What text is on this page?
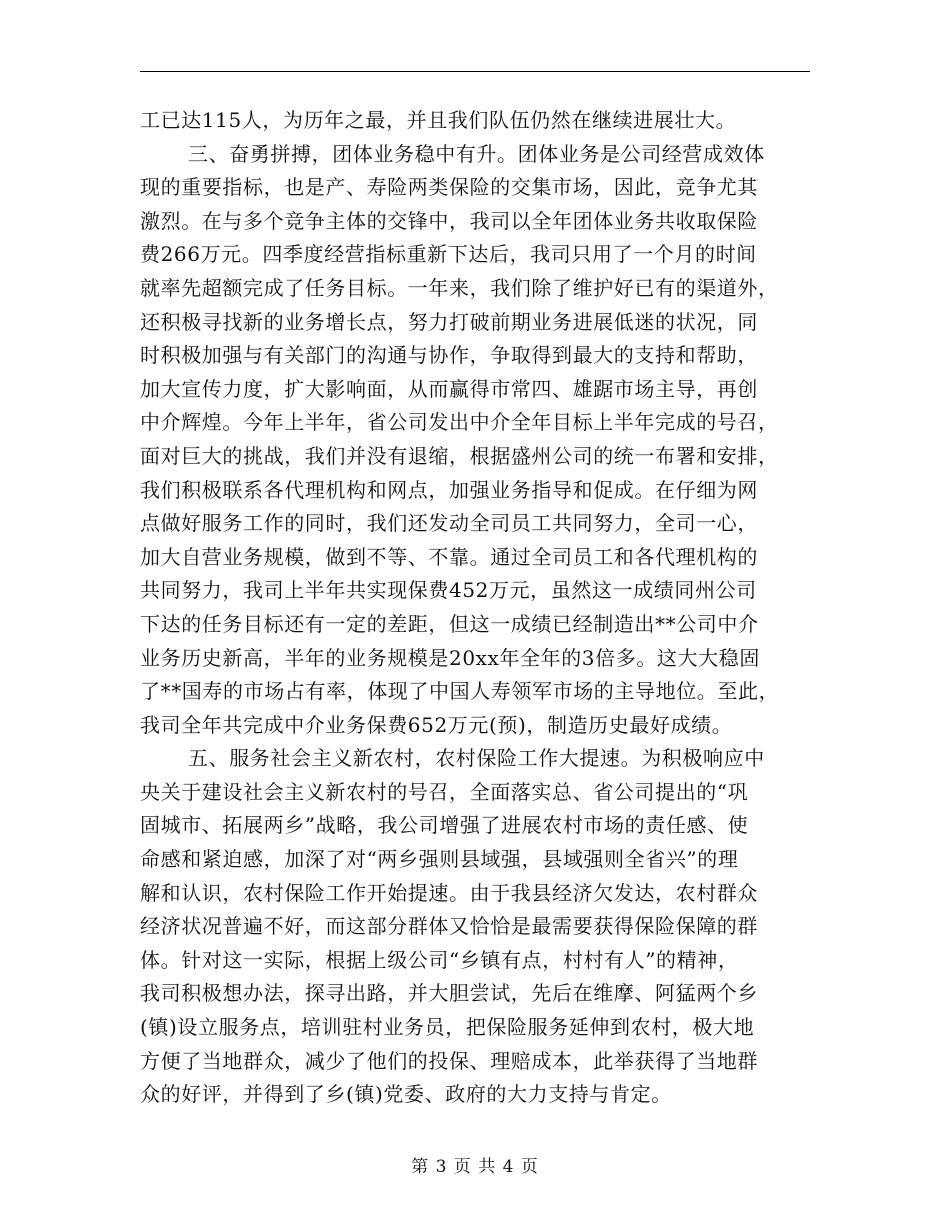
工已达115人，为历年之最，并且我们队伍仍然在继续进展壮大。
三、奋勇拼搏，团体业务稳中有升。团体业务是公司经营成效体
现的重要指标，也是产、寿险两类保险的交集市场，因此，竞争尤其
激烈。在与多个竞争主体的交锋中，我司以全年团体业务共收取保险
费266万元。四季度经营指标重新下达后，我司只用了一个月的时间
就率先超额完成了任务目标。一年来，我们除了维护好已有的渠道外，
还积极寻找新的业务增长点，努力打破前期业务进展低迷的状况，同
时积极加强与有关部门的沟通与协作，争取得到最大的支持和帮助，
加大宣传力度，扩大影响面，从而赢得市常四、雄踞市场主导，再创
中介辉煌。今年上半年，省公司发出中介全年目标上半年完成的号召，
面对巨大的挑战，我们并没有退缩，根据盛州公司的统一布署和安排，
我们积极联系各代理机构和网点，加强业务指导和促成。在仔细为网
点做好服务工作的同时，我们还发动全司员工共同努力，全司一心，
加大自营业务规模，做到不等、不靠。通过全司员工和各代理机构的
共同努力，我司上半年共实现保费452万元，虽然这一成绩同州公司
下达的任务目标还有一定的差距，但这一成绩已经制造出**公司中介
业务历史新高，半年的业务规模是20xx年全年的3倍多。这大大稳固
了**国寿的市场占有率，体现了中国人寿领军市场的主导地位。至此，
我司全年共完成中介业务保费652万元(预)，制造历史最好成绩。
五、服务社会主义新农村，农村保险工作大提速。为积极响应中
央关于建设社会主义新农村的号召，全面落实总、省公司提出的“巩
固城市、拓展两乡”战略，我公司增强了进展农村市场的责任感、使
命感和紧迫感，加深了对“两乡强则县域强，县域强则全省兴”的理
解和认识，农村保险工作开始提速。由于我县经济欠发达，农村群众
经济状况普遍不好，而这部分群体又恰恰是最需要获得保险保障的群
体。针对这一实际，根据上级公司“乡镇有点，村村有人”的精神，
我司积极想办法，探寻出路，并大胆尝试，先后在维摩、阿猛两个乡
(镇)设立服务点，培训驻村业务员，把保险服务延伸到农村，极大地
方便了当地群众，减少了他们的投保、理赔成本，此举获得了当地群
众的好评，并得到了乡(镇)党委、政府的大力支持与肯定。
第 3 页 共 4 页
